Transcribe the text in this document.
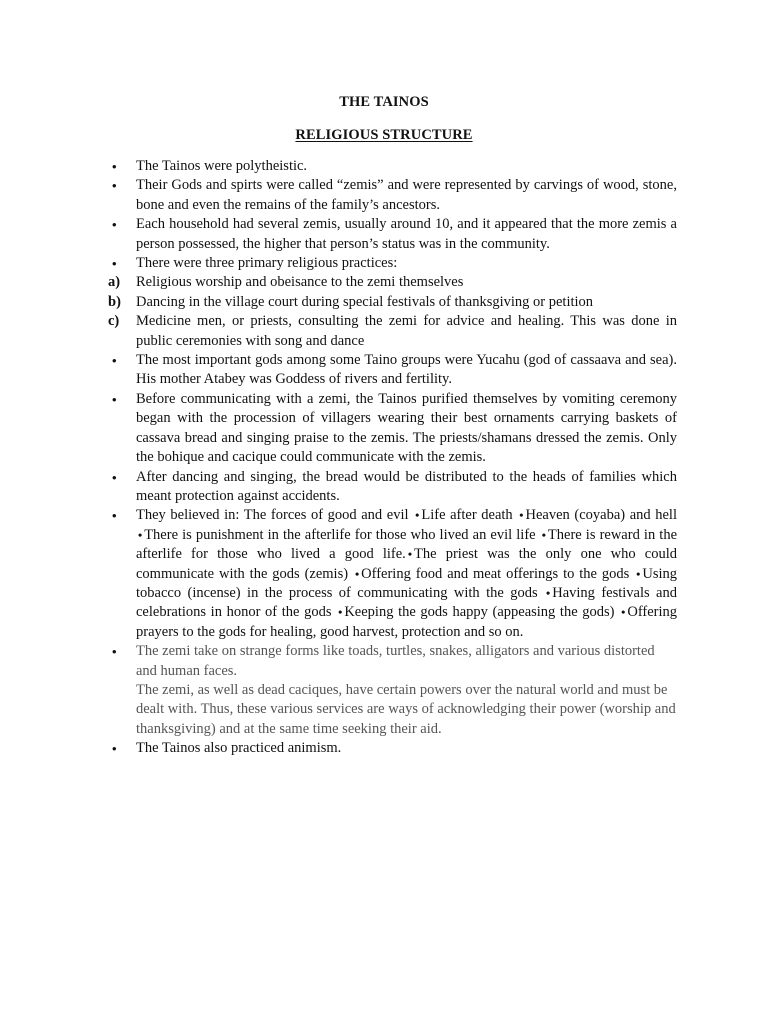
THE TAINOS
RELIGIOUS STRUCTURE
•	The Tainos were polytheistic.
•	Their Gods and spirts were called “zemis” and were represented by carvings of wood, stone, bone and even the remains of the family’s ancestors.
•	Each household had several zemis, usually around 10, and it appeared that the more zemis a person possessed, the higher that person’s status was in the community.
•	There were three primary religious practices:
a)	Religious worship and obeisance to the zemi themselves
b)	Dancing in the village court during special festivals of thanksgiving or petition
c)	Medicine men, or priests, consulting the zemi for advice and healing. This was done in public ceremonies with song and dance
•	The most important gods among some Taino groups were Yucahu (god of cassaava and sea). His mother Atabey was Goddess of rivers and fertility.
•	Before communicating with a zemi, the Tainos purified themselves by vomiting ceremony began with the procession of villagers wearing their best ornaments carrying baskets of cassava bread and singing praise to the zemis. The priests/shamans dressed the zemis. Only the bohique and cacique could communicate with the zemis.
•	After dancing and singing, the bread would be distributed to the heads of families which meant protection against accidents.
•	They believed in: The forces of good and evil • Life after death • Heaven (coyaba) and hell • There is punishment in the afterlife for those who lived an evil life • There is reward in the afterlife for those who lived a good life. • The priest was the only one who could communicate with the gods (zemis) • Offering food and meat offerings to the gods • Using tobacco (incense) in the process of communicating with the gods • Having festivals and celebrations in honor of the gods • Keeping the gods happy (appeasing the gods) • Offering prayers to the gods for healing, good harvest, protection and so on.
•	The zemi take on strange forms like toads, turtles, snakes, alligators and various distorted and human faces.
The zemi, as well as dead caciques, have certain powers over the natural world and must be dealt with. Thus, these various services are ways of acknowledging their power (worship and thanksgiving) and at the same time seeking their aid.
•	The Tainos also practiced animism.
